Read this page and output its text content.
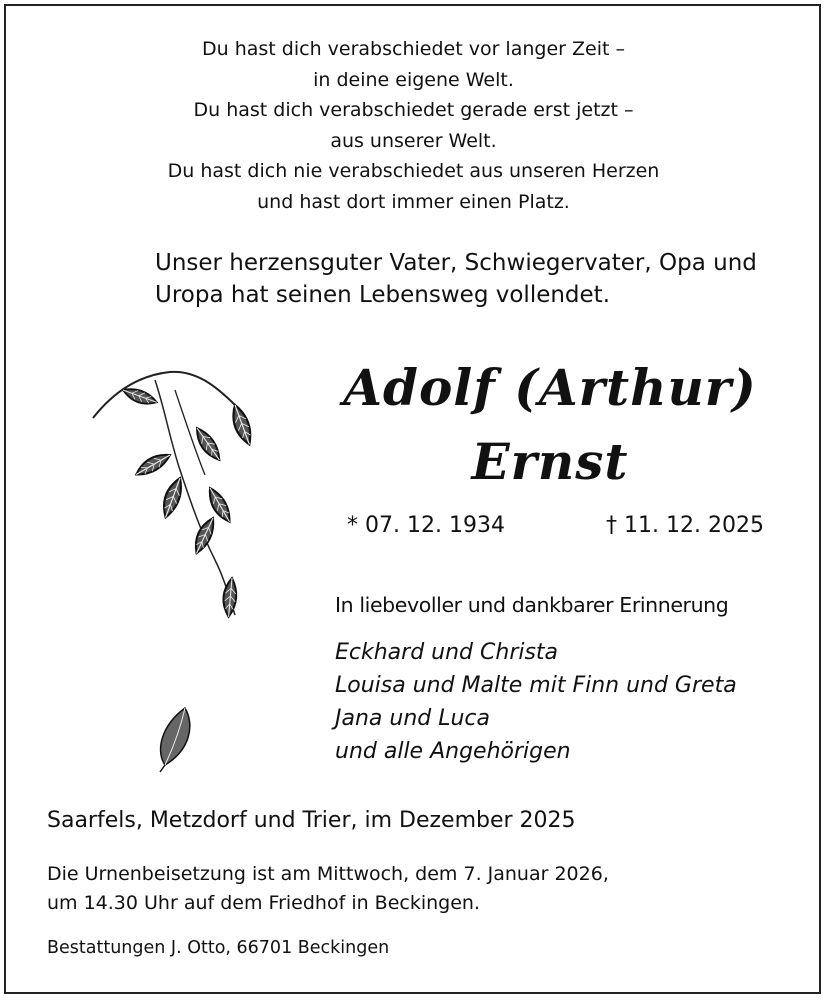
Du hast dich verabschiedet vor langer Zeit –
in deine eigene Welt.
Du hast dich verabschiedet gerade erst jetzt –
aus unserer Welt.
Du hast dich nie verabschiedet aus unseren Herzen
und hast dort immer einen Platz.
Unser herzensguter Vater, Schwiegervater, Opa und
Uropa hat seinen Lebensweg vollendet.
Adolf (Arthur)
Ernst
* 07. 12. 1934	† 11. 12. 2025
In liebevoller und dankbarer Erinnerung
Eckhard und Christa
Louisa und Malte mit Finn und Greta
Jana und Luca
und alle Angehörigen
Saarfels, Metzdorf und Trier, im Dezember 2025
Die Urnenbeisetzung ist am Mittwoch, dem 7. Januar 2026,
um 14.30 Uhr auf dem Friedhof in Beckingen.
Bestattungen J. Otto, 66701 Beckingen
